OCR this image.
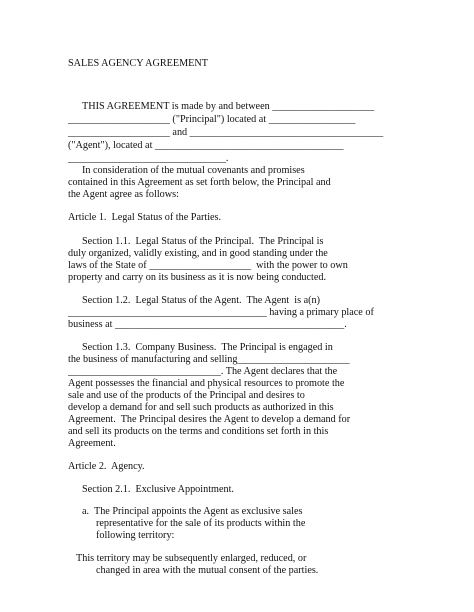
SALES AGENCY AGREEMENT
THIS AGREEMENT is made by and between ____________________
____________________ ("Principal") located at _________________
____________________ and ______________________________________
("Agent"), located at _____________________________________
_______________________________.
In consideration of the mutual covenants and promises
contained in this Agreement as set forth below, the Principal and
the Agent agree as follows:
Article 1.  Legal Status of the Parties.
Section 1.1.  Legal Status of the Principal.  The Principal is
duly organized, validly existing, and in good standing under the
laws of the State of ____________________  with the power to own
property and carry on its business as it is now being conducted.
Section 1.2.  Legal Status of the Agent.  The Agent  is a(n)
_______________________________________ having a primary place of
business at _____________________________________________.
Section 1.3.  Company Business.  The Principal is engaged in
the business of manufacturing and selling______________________
______________________________. The Agent declares that the
Agent possesses the financial and physical resources to promote the
sale and use of the products of the Principal and desires to
develop a demand for and sell such products as authorized in this
Agreement.  The Principal desires the Agent to develop a demand for
and sell its products on the terms and conditions set forth in this
Agreement.
Article 2.  Agency.
Section 2.1.  Exclusive Appointment.
a.  The Principal appoints the Agent as exclusive sales
representative for the sale of its products within the
following territory:
This territory may be subsequently enlarged, reduced, or
changed in area with the mutual consent of the parties.
